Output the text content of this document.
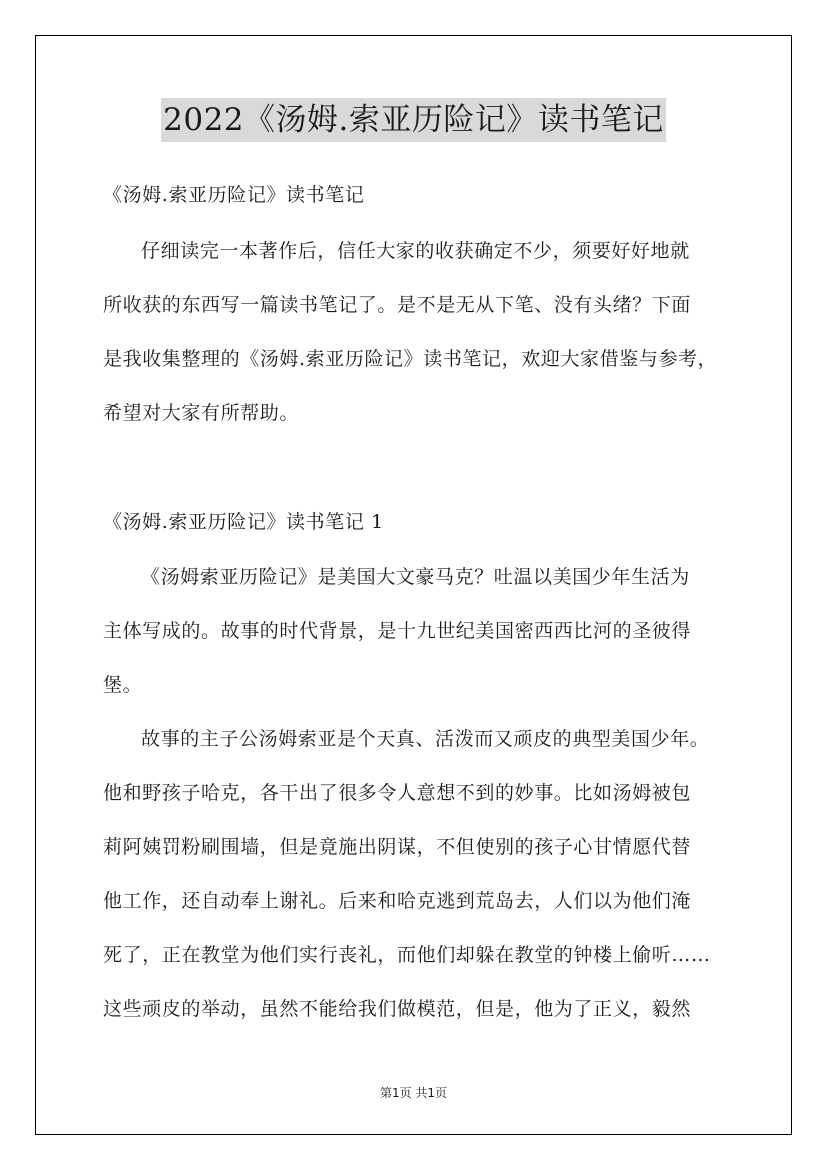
2022《汤姆.索亚历险记》读书笔记
《汤姆.索亚历险记》读书笔记
仔细读完一本著作后，信任大家的收获确定不少，须要好好地就
所收获的东西写一篇读书笔记了。是不是无从下笔、没有头绪？下面
是我收集整理的《汤姆.索亚历险记》读书笔记，欢迎大家借鉴与参考，
希望对大家有所帮助。
《汤姆.索亚历险记》读书笔记 1
《汤姆索亚历险记》是美国大文豪马克？吐温以美国少年生活为
主体写成的。故事的时代背景，是十九世纪美国密西西比河的圣彼得
堡。
故事的主子公汤姆索亚是个天真、活泼而又顽皮的典型美国少年。
他和野孩子哈克，各干出了很多令人意想不到的妙事。比如汤姆被包
莉阿姨罚粉刷围墙，但是竟施出阴谋，不但使别的孩子心甘情愿代替
他工作，还自动奉上谢礼。后来和哈克逃到荒岛去，人们以为他们淹
死了，正在教堂为他们实行丧礼，而他们却躲在教堂的钟楼上偷听……
这些顽皮的举动，虽然不能给我们做模范，但是，他为了正义，毅然
第1页 共1页
